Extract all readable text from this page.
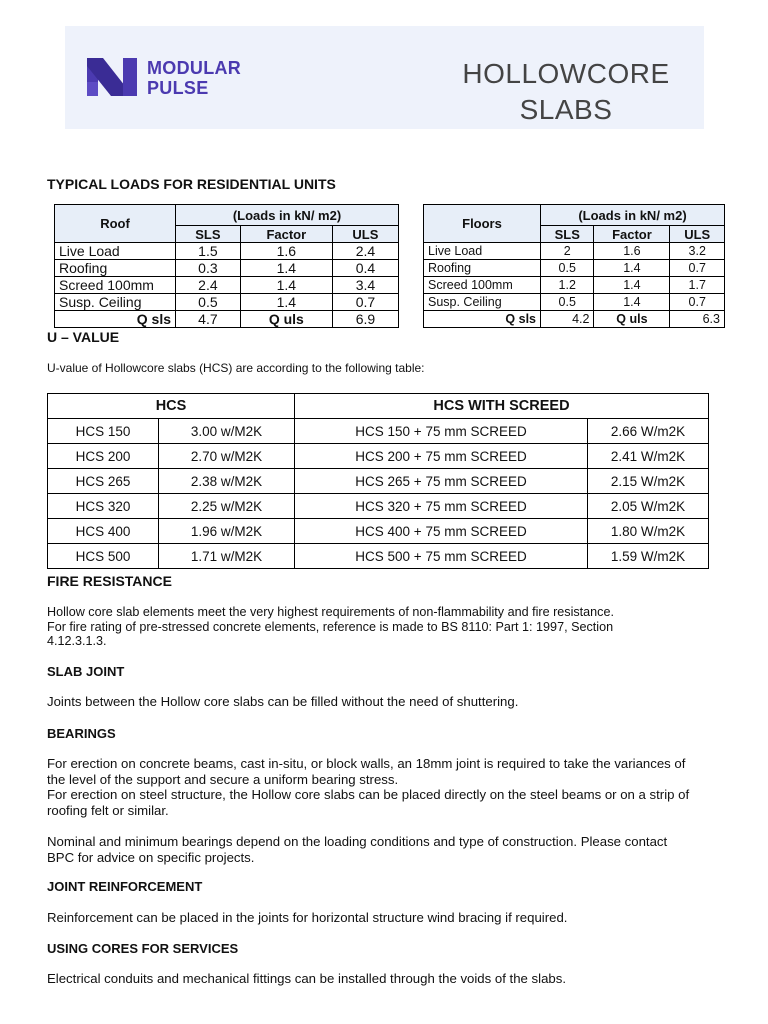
MODULAR
PULSE	HOLLOWCORE
SLABS
TYPICAL LOADS FOR RESIDENTIAL UNITS
Roof	(Loads in kN/ m2)		
	SLS	Factor	ULS
Live Load	1.5	1.6	2.4
Roofing	0.3	1.4	0.4
Screed 100mm	2.4	1.4	3.4
Susp. Ceiling	0.5	1.4	0.7
Q sls	4.7	Q uls	6.9
Floors	(Loads in kN/ m2)		
	SLS	Factor	ULS
Live Load	2	1.6	3.2
Roofing	0.5	1.4	0.7
Screed 100mm	1.2	1.4	1.7
Susp. Ceiling	0.5	1.4	0.7
Q sls	4.2	Q uls	6.3
U – VALUE
U-value of Hollowcore slabs (HCS) are according to the following table:
HCS		HCS WITH SCREED	
HCS 150	3.00 w/M2K	HCS 150 + 75 mm SCREED	2.66 W/m2K
HCS 200	2.70 w/M2K	HCS 200 + 75 mm SCREED	2.41 W/m2K
HCS 265	2.38 w/M2K	HCS 265 + 75 mm SCREED	2.15 W/m2K
HCS 320	2.25 w/M2K	HCS 320 + 75 mm SCREED	2.05 W/m2K
HCS 400	1.96 w/M2K	HCS 400 + 75 mm SCREED	1.80 W/m2K
HCS 500	1.71 w/M2K	HCS 500 + 75 mm SCREED	1.59 W/m2K
FIRE RESISTANCE
Hollow core slab elements meet the very highest requirements of non-flammability and fire resistance.
For fire rating of pre-stressed concrete elements, reference is made to BS 8110: Part 1: 1997, Section 4.12.3.1.3.
SLAB JOINT
Joints between the Hollow core slabs can be filled without the need of shuttering.
BEARINGS
For erection on concrete beams, cast in-situ, or block walls, an 18mm joint is required to take the variances of the level of the support and secure a uniform bearing stress.
For erection on steel structure, the Hollow core slabs can be placed directly on the steel beams or on a strip of roofing felt or similar.
Nominal and minimum bearings depend on the loading conditions and type of construction. Please contact BPC for advice on specific projects.
JOINT REINFORCEMENT
Reinforcement can be placed in the joints for horizontal structure wind bracing if required.
USING CORES FOR SERVICES
Electrical conduits and mechanical fittings can be installed through the voids of the slabs.
